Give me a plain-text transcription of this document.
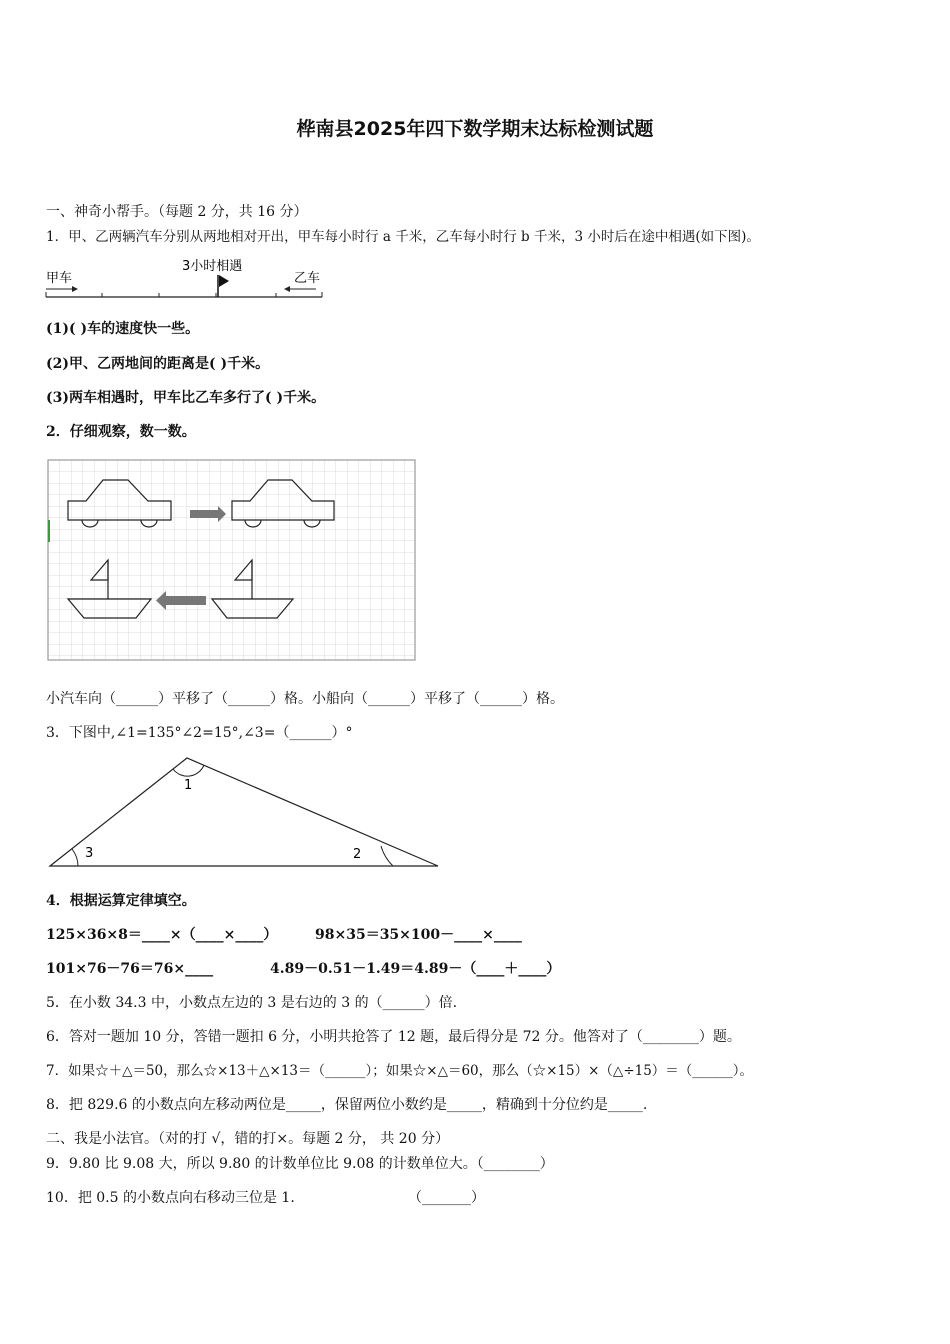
桦南县2025年四下数学期末达标检测试题
一、神奇小帮手。（每题 2 分，共 16 分）
1．甲、乙两辆汽车分别从两地相对开出，甲车每小时行 a 千米，乙车每小时行 b 千米，3 小时后在途中相遇(如下图)。
3小时相遇
甲车	乙车
(1)( )车的速度快一些。
(2)甲、乙两地间的距离是( )千米。
(3)两车相遇时，甲车比乙车多行了( )千米。
2．仔细观察，数一数。
小汽车向（______）平移了（______）格。小船向（______）平移了（______）格。
3．下图中,∠1=135°∠2=15°,∠3=（______）°
1
2
3
4．根据运算定律填空。
125×36×8＝____×（____×____）	98×35＝35×100－____×____
101×76－76＝76×____	4.89－0.51－1.49＝4.89－（____＋____）
5．在小数 34.3 中，小数点左边的 3 是右边的 3 的（______）倍.
6．答对一题加 10 分，答错一题扣 6 分，小明共抢答了 12 题，最后得分是 72 分。他答对了（________）题。
7．如果☆＋△＝50，那么☆×13＋△×13＝（______）；如果☆×△＝60，那么（☆×15）×（△÷15）＝（______）。
8．把 829.6 的小数点向左移动两位是_____，保留两位小数约是_____，精确到十分位约是_____.
二、我是小法官。（对的打 √，错的打×。每题 2 分， 共 20 分）
9．9.80 比 9.08 大，所以 9.80 的计数单位比 9.08 的计数单位大。（________）
10．把 0.5 的小数点向右移动三位是 1.	（_______）
